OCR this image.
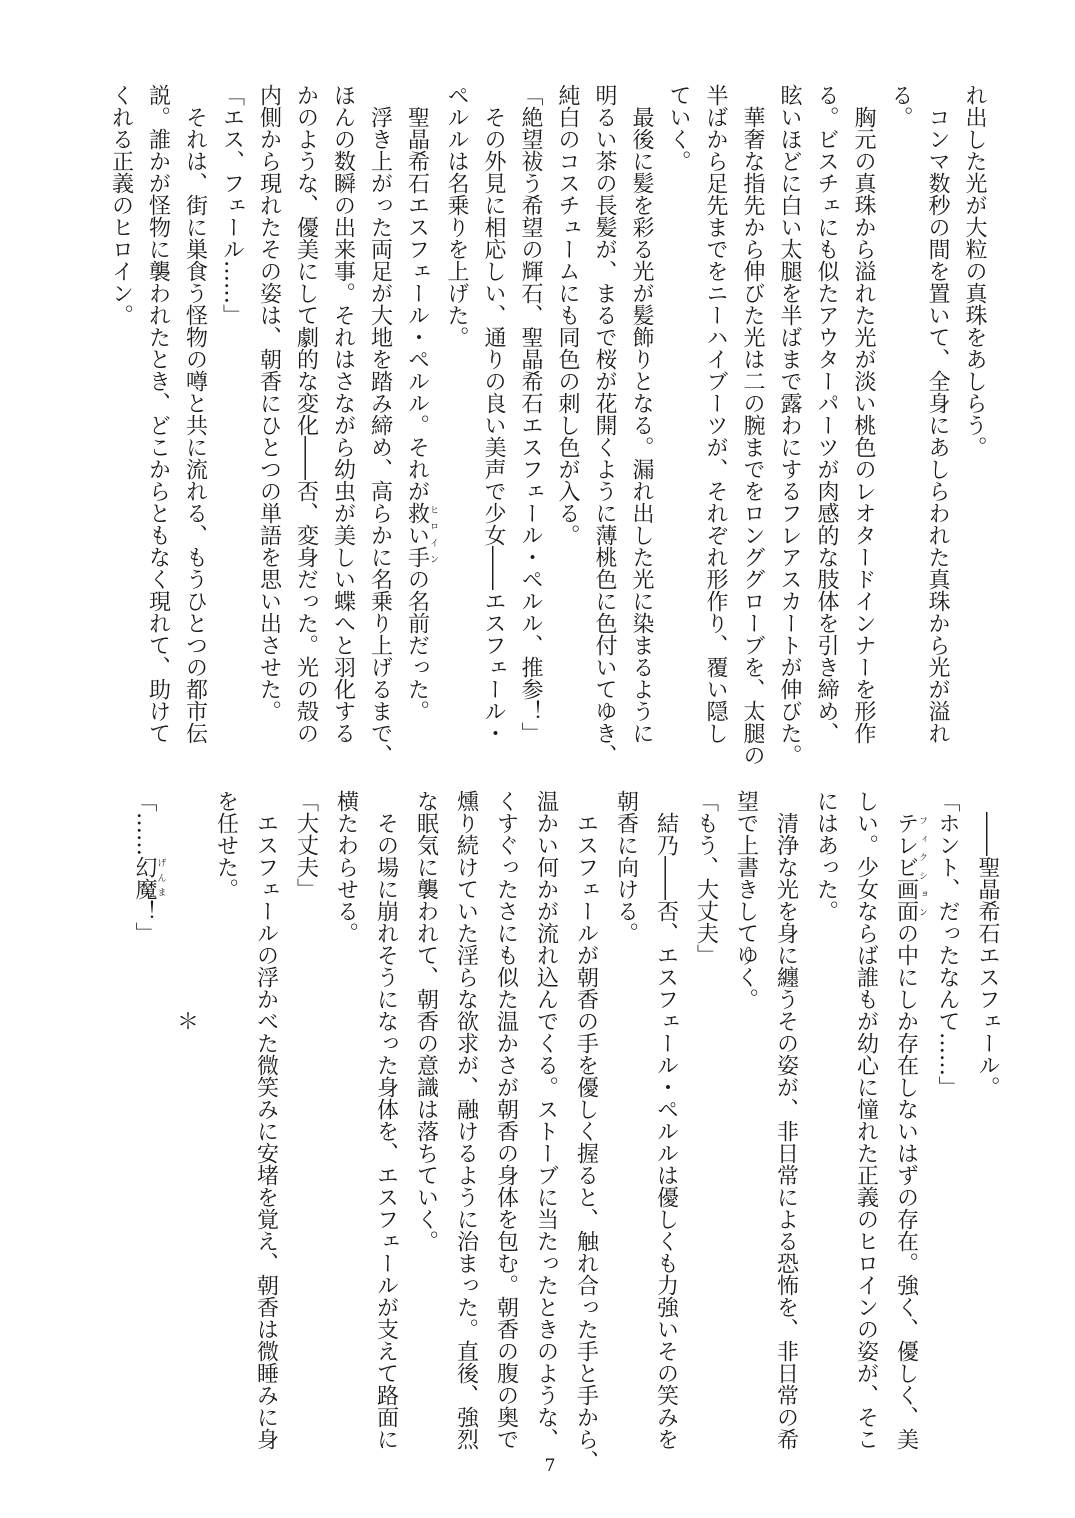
れ出した光が大粒の真珠をあしらう。
　コンマ数秒の間を置いて、全身にあしらわれた真珠から光が溢れ
る。
　胸元の真珠から溢れた光が淡い桃色のレオタードインナーを形作
る。ビスチェにも似たアウターパーツが肉感的な肢体を引き締め、
眩いほどに白い太腿を半ばまで露わにするフレアスカートが伸びた。
　華奢な指先から伸びた光は二の腕までをロンググローブを、太腿の
半ばから足先までをニーハイブーツが、それぞれ形作り、覆い隠し
ていく。
　最後に髪を彩る光が髪飾りとなる。漏れ出した光に染まるように
明るい茶の長髪が、まるで桜が花開くように薄桃色に色付いてゆき、
純白のコスチュームにも同色の刺し色が入る。
「絶望祓う希望の輝石、聖晶希石エスフェール・ペルル、推参！」
　その外見に相応しい、通りの良い美声で少女――エスフェール・
ペルルは名乗りを上げた。
　聖晶希石エスフェール・ペルル。それが救い手ヒロインの名前だった。
　浮き上がった両足が大地を踏み締め、高らかに名乗り上げるまで、
ほんの数瞬の出来事。それはさながら幼虫が美しい蝶へと羽化する
かのような、優美にして劇的な変化――否、変身だった。光の殻の
内側から現れたその姿は、朝香にひとつの単語を思い出させた。
「エス、フェール……」
　それは、街に巣食う怪物の噂と共に流れる、もうひとつの都市伝
説。誰かが怪物に襲われたとき、どこからともなく現れて、助けて
くれる正義のヒロイン。
　――聖晶希石エスフェール。
「ホント、だったなんて……」
　テレビ画面フィクションの中にしか存在しないはずの存在。強く、優しく、美
しい。少女ならば誰もが幼心に憧れた正義のヒロインの姿が、そこ
にはあった。
　清浄な光を身に纏うその姿が、非日常による恐怖を、非日常の希
望で上書きしてゆく。
「もう、大丈夫」
　結乃――否、エスフェール・ペルルは優しくも力強いその笑みを
朝香に向ける。
　エスフェールが朝香の手を優しく握ると、触れ合った手と手から、
温かい何かが流れ込んでくる。ストーブに当たったときのような、
くすぐったさにも似た温かさが朝香の身体を包む。朝香の腹の奥で
燻り続けていた淫らな欲求が、融けるように治まった。直後、強烈
な眠気に襲われて、朝香の意識は落ちていく。
　その場に崩れそうになった身体を、エスフェールが支えて路面に
横たわらせる。
「大丈夫」
　エスフェールの浮かべた微笑みに安堵を覚え、朝香は微睡みに身
を任せた。
　　　　　　　　　　＊
「……幻魔げんま！」
7
